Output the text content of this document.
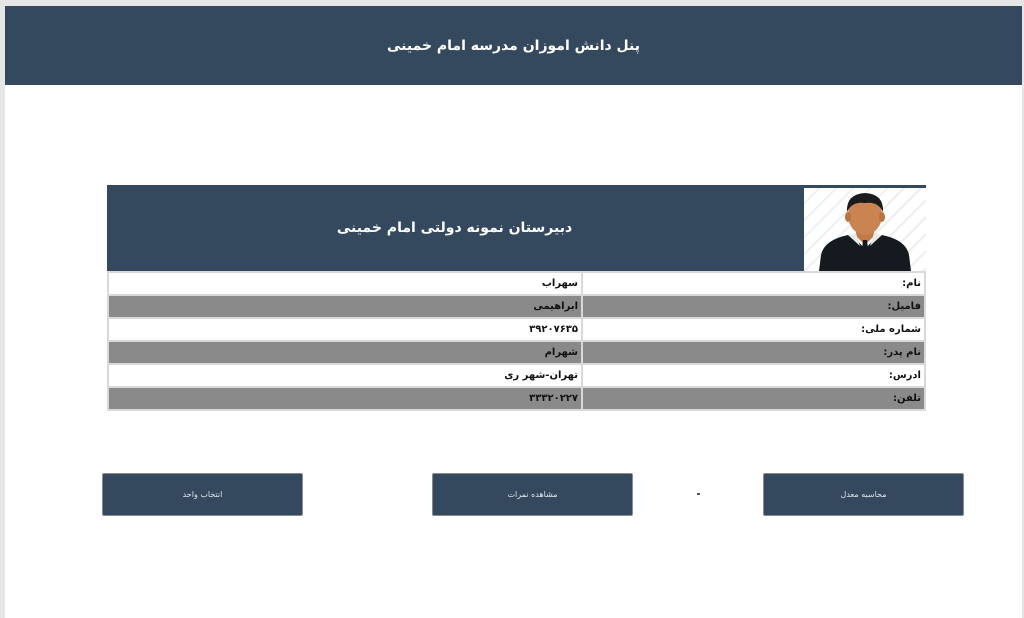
پنل دانش اموزان مدرسه امام خمینی
دبیرستان نمونه دولتی امام خمینی
نام:	سهراب
فامیل:	ابراهیمی
شماره ملی:	۳۹۲۰۷۶۳۵
نام پدر:	شهرام
ادرس:	تهران-شهر ری
تلفن:	۳۳۳۲۰۲۲۷
انتخاب واحد	مشاهده نمرات	محاسبه معدل
